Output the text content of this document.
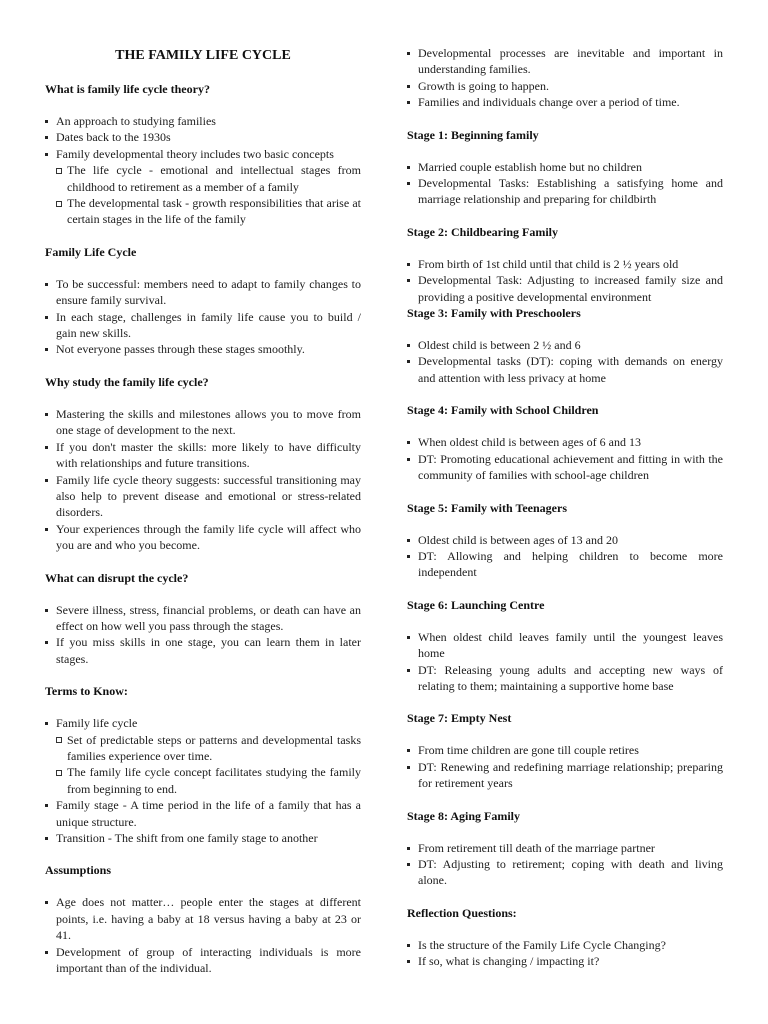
THE FAMILY LIFE CYCLE

What is family life cycle theory?

An approach to studying families
Dates back to the 1930s
Family developmental theory includes two basic concepts
The life cycle - emotional and intellectual stages from childhood to retirement as a member of a family
The developmental task - growth responsibilities that arise at certain stages in the life of the family

Family Life Cycle

To be successful: members need to adapt to family changes to ensure family survival.
In each stage, challenges in family life cause you to build / gain new skills.
Not everyone passes through these stages smoothly.

Why study the family life cycle?

Mastering the skills and milestones allows you to move from one stage of development to the next.
If you don't master the skills: more likely to have difficulty with relationships and future transitions.
Family life cycle theory suggests: successful transitioning may also help to prevent disease and emotional or stress-related disorders.
Your experiences through the family life cycle will affect who you are and who you become.

What can disrupt the cycle?

Severe illness, stress, financial problems, or death can have an effect on how well you pass through the stages.
If you miss skills in one stage, you can learn them in later stages.

Terms to Know:

Family life cycle
Set of predictable steps or patterns and developmental tasks families experience over time.
The family life cycle concept facilitates studying the family from beginning to end.
Family stage - A time period in the life of a family that has a unique structure.
Transition - The shift from one family stage to another

Assumptions

Age does not matter… people enter the stages at different points, i.e. having a baby at 18 versus having a baby at 23 or 41.
Development of group of interacting individuals is more important than of the individual.
Developmental processes are inevitable and important in understanding families.
Growth is going to happen.
Families and individuals change over a period of time.

Stage 1: Beginning family

Married couple establish home but no children
Developmental Tasks: Establishing a satisfying home and marriage relationship and preparing for childbirth

Stage 2: Childbearing Family

From birth of 1st child until that child is 2 ½ years old
Developmental Task: Adjusting to increased family size and providing a positive developmental environment

Stage 3: Family with Preschoolers

Oldest child is between 2 ½ and 6
Developmental tasks (DT): coping with demands on energy and attention with less privacy at home

Stage 4: Family with School Children

When oldest child is between ages of 6 and 13
DT: Promoting educational achievement and fitting in with the community of families with school-age children

Stage 5: Family with Teenagers

Oldest child is between ages of 13 and 20
DT: Allowing and helping children to become more independent

Stage 6: Launching Centre

When oldest child leaves family until the youngest leaves home
DT: Releasing young adults and accepting new ways of relating to them; maintaining a supportive home base

Stage 7: Empty Nest

From time children are gone till couple retires
DT: Renewing and redefining marriage relationship; preparing for retirement years

Stage 8: Aging Family

From retirement till death of the marriage partner
DT: Adjusting to retirement; coping with death and living alone.

Reflection Questions:

Is the structure of the Family Life Cycle Changing?
If so, what is changing / impacting it?
